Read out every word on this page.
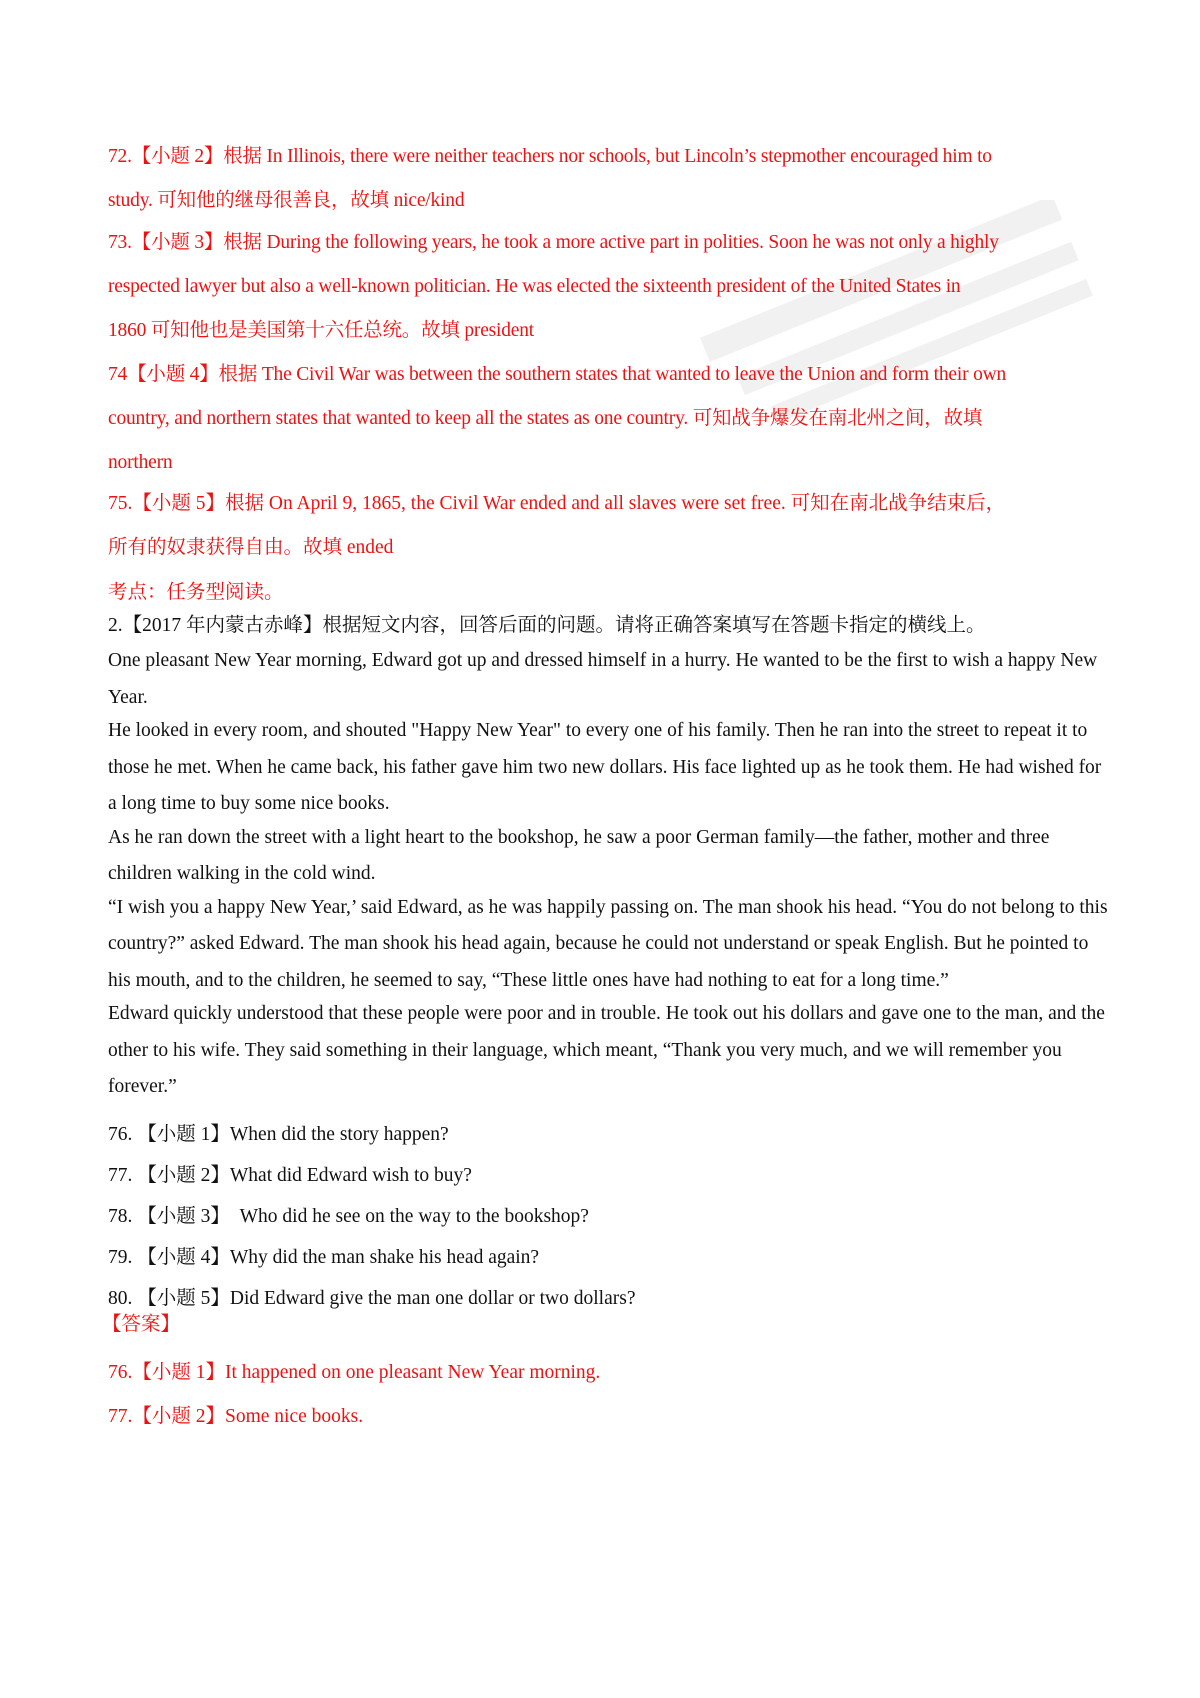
72.【小题 2】根据 In Illinois, there were neither teachers nor schools, but Lincoln’s stepmother encouraged him to
study. 可知他的继母很善良，故填 nice/kind
73.【小题 3】根据 During the following years, he took a more active part in polities. Soon he was not only a highly
respected lawyer but also a well-known politician. He was elected the sixteenth president of the United States in
1860 可知他也是美国第十六任总统。故填 president
74【小题 4】根据 The Civil War was between the southern states that wanted to leave the Union and form their own
country, and northern states that wanted to keep all the states as one country. 可知战争爆发在南北州之间，故填
northern
75.【小题 5】根据 On April 9, 1865, the Civil War ended and all slaves were set free. 可知在南北战争结束后，
所有的奴隶获得自由。故填 ended
考点：任务型阅读。
2.【2017 年内蒙古赤峰】根据短文内容，回答后面的问题。请将正确答案填写在答题卡指定的横线上。

One pleasant New Year morning, Edward got up and dressed himself in a hurry. He wanted to be the first to wish a happy New Year.

He looked in every room, and shouted "Happy New Year" to every one of his family. Then he ran into the street to repeat it to those he met. When he came back, his father gave him two new dollars. His face lighted up as he took them. He had wished for a long time to buy some nice books.

As he ran down the street with a light heart to the bookshop, he saw a poor German family—the father, mother and three children walking in the cold wind.

“I wish you a happy New Year,’ said Edward, as he was happily passing on. The man shook his head. “You do not belong to this country?” asked Edward. The man shook his head again, because he could not understand or speak English. But he pointed to his mouth, and to the children, he seemed to say, “These little ones have had nothing to eat for a long time.”

Edward quickly understood that these people were poor and in trouble. He took out his dollars and gave one to the man, and the other to his wife. They said something in their language, which meant, “Thank you very much, and we will remember you forever.”

76. 【小题 1】When did the story happen?
77. 【小题 2】What did Edward wish to buy?
78. 【小题 3】  Who did he see on the way to the bookshop?
79. 【小题 4】Why did the man shake his head again?
80. 【小题 5】Did Edward give the man one dollar or two dollars?
【答案】
76.【小题 1】It happened on one pleasant New Year morning.
77.【小题 2】Some nice books.
